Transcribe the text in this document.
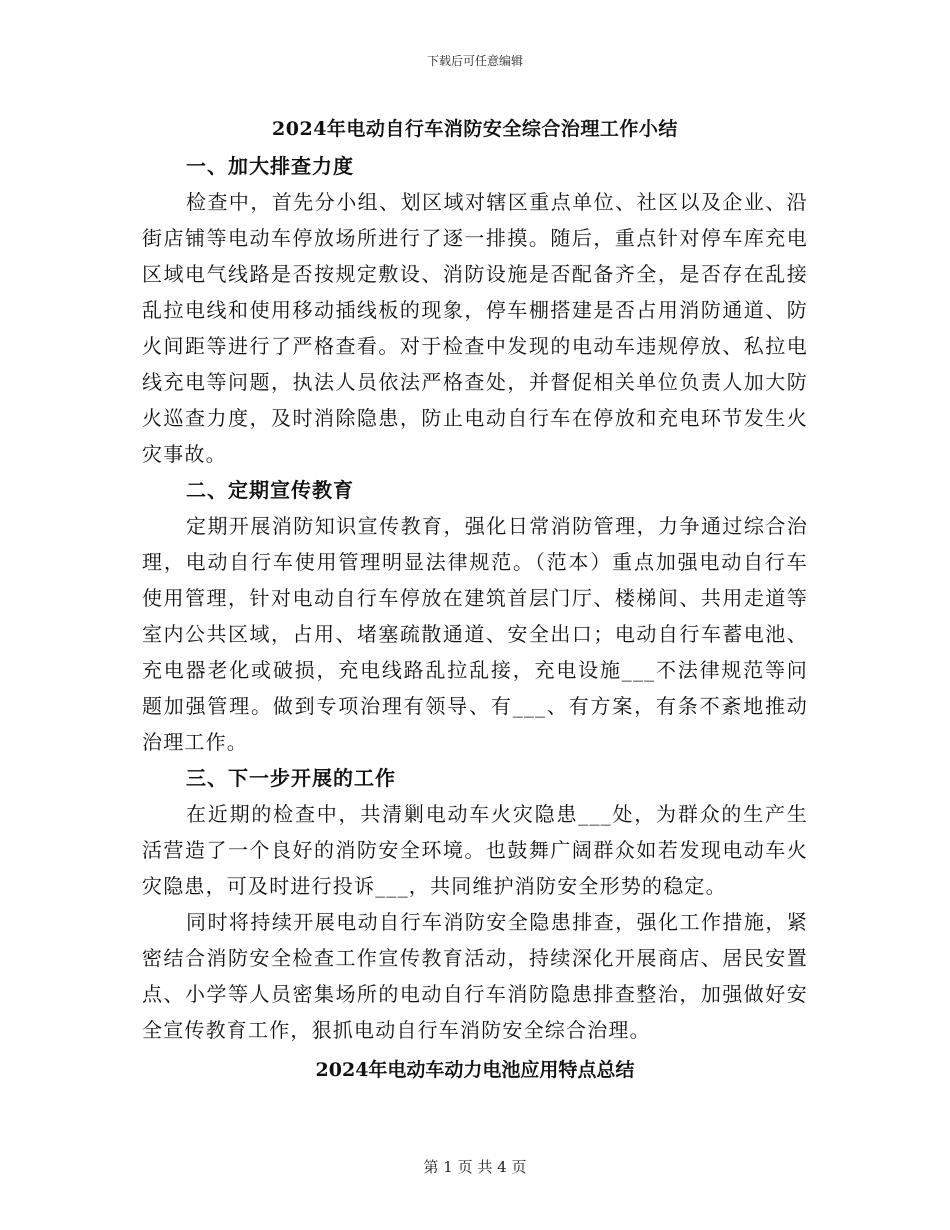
下载后可任意编辑
2024年电动自行车消防安全综合治理工作小结
一、加大排查力度

检查中，首先分小组、划区域对辖区重点单位、社区以及企业、沿街店铺等电动车停放场所进行了逐一排摸。随后，重点针对停车库充电区域电气线路是否按规定敷设、消防设施是否配备齐全，是否存在乱接乱拉电线和使用移动插线板的现象，停车棚搭建是否占用消防通道、防火间距等进行了严格查看。对于检查中发现的电动车违规停放、私拉电线充电等问题，执法人员依法严格查处，并督促相关单位负责人加大防火巡查力度，及时消除隐患，防止电动自行车在停放和充电环节发生火灾事故。

二、定期宣传教育

定期开展消防知识宣传教育，强化日常消防管理，力争通过综合治理，电动自行车使用管理明显法律规范。（范本）重点加强电动自行车使用管理，针对电动自行车停放在建筑首层门厅、楼梯间、共用走道等室内公共区域，占用、堵塞疏散通道、安全出口；电动自行车蓄电池、充电器老化或破损，充电线路乱拉乱接，充电设施___不法律规范等问题加强管理。做到专项治理有领导、有___、有方案，有条不紊地推动治理工作。

三、下一步开展的工作

在近期的检查中，共清剿电动车火灾隐患___处，为群众的生产生活营造了一个良好的消防安全环境。也鼓舞广阔群众如若发现电动车火灾隐患，可及时进行投诉___，共同维护消防安全形势的稳定。

同时将持续开展电动自行车消防安全隐患排查，强化工作措施，紧密结合消防安全检查工作宣传教育活动，持续深化开展商店、居民安置点、小学等人员密集场所的电动自行车消防隐患排查整治，加强做好安全宣传教育工作，狠抓电动自行车消防安全综合治理。

2024年电动车动力电池应用特点总结
第 1 页 共 4 页
